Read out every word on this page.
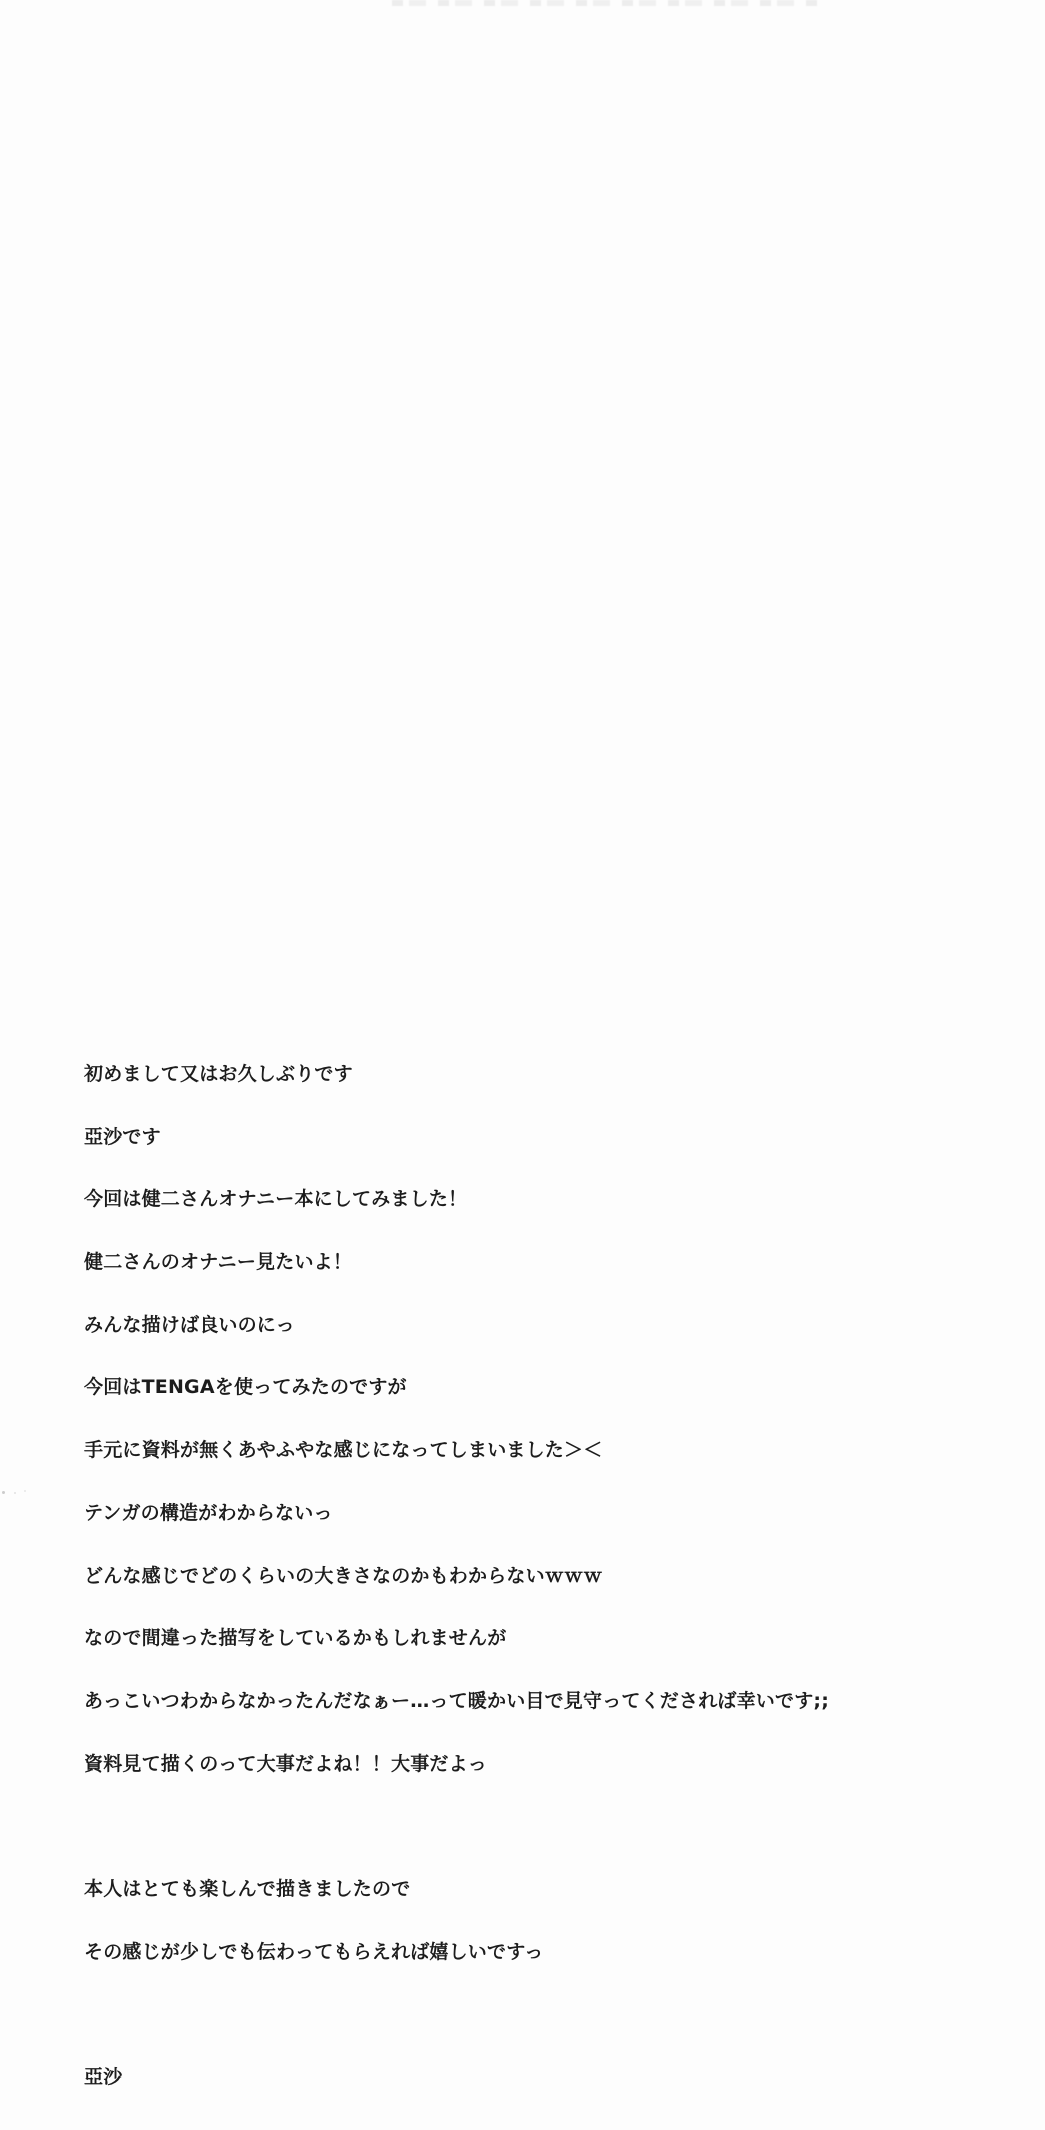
初めまして又はお久しぶりです

亞沙です

今回は健二さんオナニー本にしてみました！

健二さんのオナニー見たいよ！

みんな描けば良いのにっ

今回はTENGAを使ってみたのですが

手元に資料が無くあやふやな感じになってしまいました＞＜

テンガの構造がわからないっ

どんな感じでどのくらいの大きさなのかもわからないｗｗｗ

なので間違った描写をしているかもしれませんが

あっこいつわからなかったんだなぁー…って暖かい目で見守ってくだされば幸いです;;

資料見て描くのって大事だよね！！大事だよっ

本人はとても楽しんで描きましたので

その感じが少しでも伝わってもらえれば嬉しいですっ

亞沙
